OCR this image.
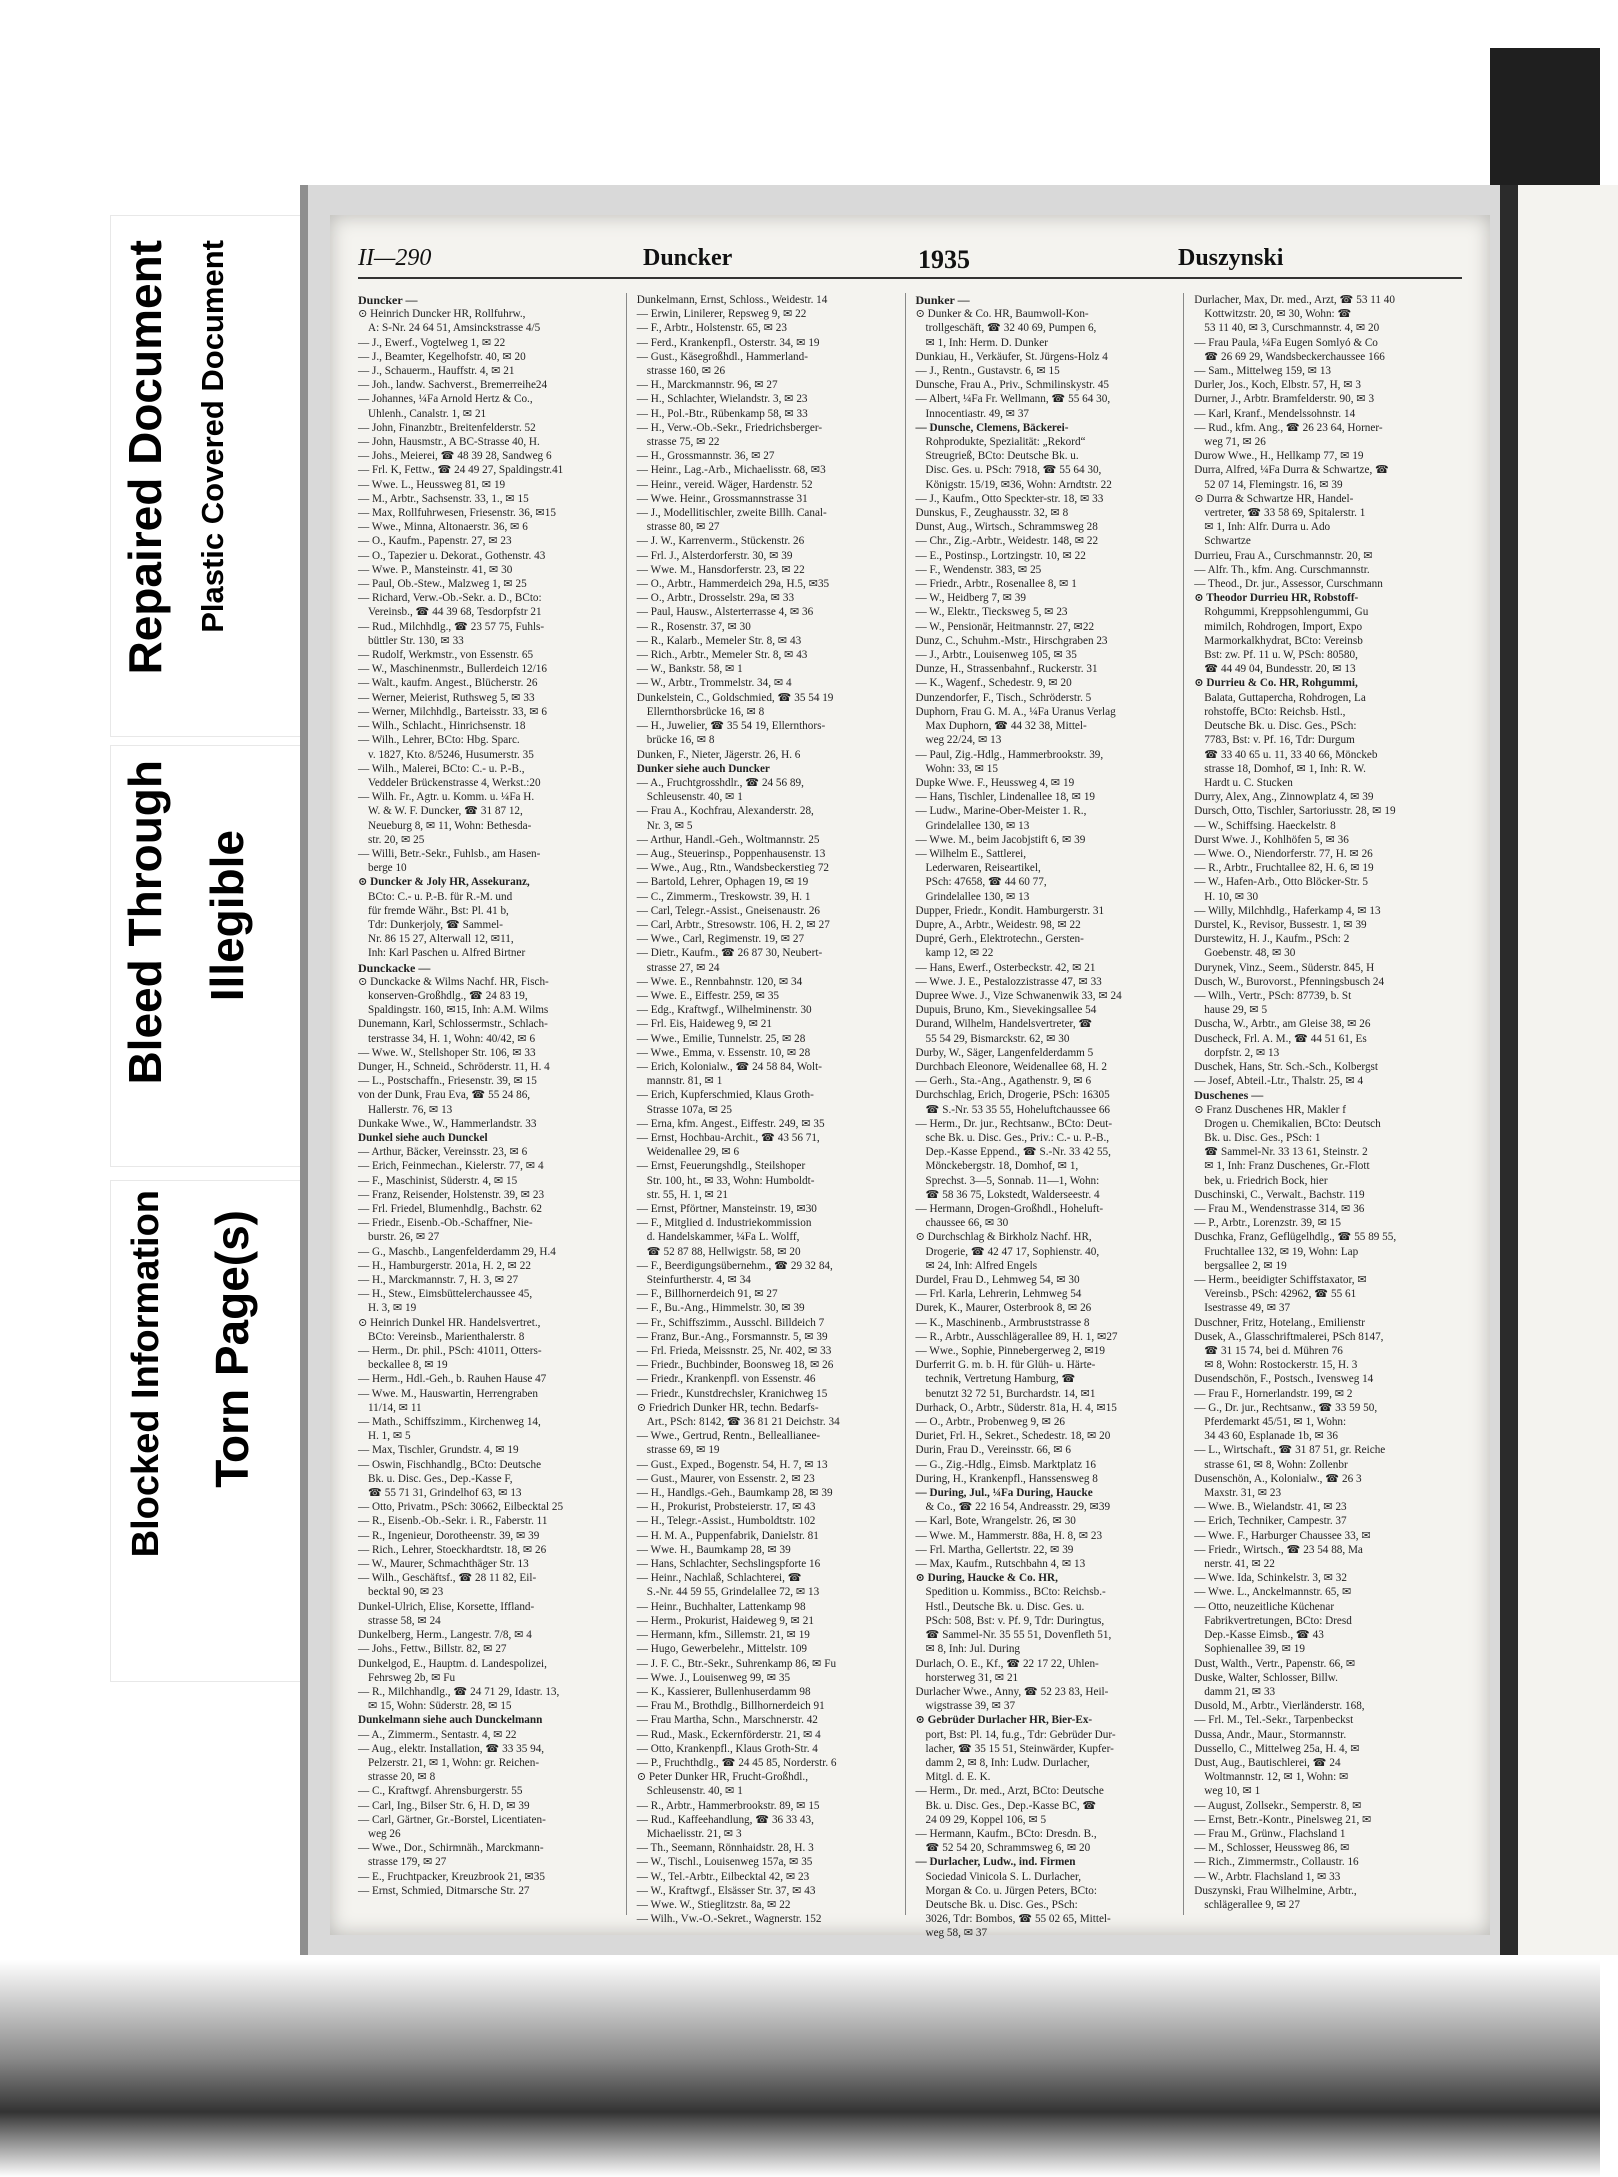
Repaired Document Plastic Covered Document
Bleed Through Illegible
Blocked Information Torn Page(s)
II—290	Duncker	1935	Duszynski
Duncker —
⊙ Heinrich Duncker HR, Rollfuhrw.,
A: S-Nr. 24 64 51, Amsinckstrasse 4/5
— J., Ewerf., Vogtelweg 1, ✉ 22
— J., Beamter, Kegelhofstr. 40, ✉ 20
— J., Schauerm., Hauffstr. 4, ✉ 21
— Joh., landw. Sachverst., Bremerreihe24
— Johannes, ¼Fa Arnold Hertz & Co.,
Uhlenh., Canalstr. 1, ✉ 21
— John, Finanzbtr., Breitenfelderstr. 52
— John, Hausmstr., A BC-Strasse 40, H.
— Johs., Meierei, ☎ 48 39 28, Sandweg 6
— Frl. K, Fettw., ☎ 24 49 27, Spaldingstr.41
— Wwe. L., Heussweg 81, ✉ 19
— M., Arbtr., Sachsenstr. 33, 1., ✉ 15
— Max, Rollfuhrwesen, Friesenstr. 36, ✉15
— Wwe., Minna, Altonaerstr. 36, ✉ 6
— O., Kaufm., Papenstr. 27, ✉ 23
— O., Tapezier u. Dekorat., Gothenstr. 43
— Wwe. P., Mansteinstr. 41, ✉ 30
— Paul, Ob.-Stew., Malzweg 1, ✉ 25
— Richard, Verw.-Ob.-Sekr. a. D., BCto:
Vereinsb., ☎ 44 39 68, Tesdorpfstr 21
— Rud., Milchhdlg., ☎ 23 57 75, Fuhls-
büttler Str. 130, ✉ 33
— Rudolf, Werkmstr., von Essenstr. 65
— W., Maschinenmstr., Bullerdeich 12/16
— Walt., kaufm. Angest., Blücherstr. 26
— Werner, Meierist, Ruthsweg 5, ✉ 33
— Werner, Milchhdlg., Barteisstr. 33, ✉ 6
— Wilh., Schlacht., Hinrichsenstr. 18
— Wilh., Lehrer, BCto: Hbg. Sparc.
v. 1827, Kto. 8/5246, Husumerstr. 35
— Wilh., Malerei, BCto: C.- u. P.-B.,
Veddeler Brückenstrasse 4, Werkst.:20
— Wilh. Fr., Agtr. u. Komm. u. ¼Fa H.
W. & W. F. Duncker, ☎ 31 87 12,
Neueburg 8, ✉ 11, Wohn: Bethesda-
str. 20, ✉ 25
— Willi, Betr.-Sekr., Fuhlsb., am Hasen-
berge 10
⊙ Duncker & Joly HR, Assekuranz,
BCto: C.- u. P.-B. für R.-M. und
für fremde Währ., Bst: Pl. 41 b,
Tdr: Dunkerjoly, ☎ Sammel-
Nr. 86 15 27, Alterwall 12, ✉11,
Inh: Karl Paschen u. Alfred Birtner
Dunckacke —
⊙ Dunckacke & Wilms Nachf. HR, Fisch-
konserven-Großhdlg., ☎ 24 83 19,
Spaldingstr. 160, ✉15, Inh: A.M. Wilms
Dunemann, Karl, Schlossermstr., Schlach-
terstrasse 34, H. 1, Wohn: 40/42, ✉ 6
— Wwe. W., Stellshoper Str. 106, ✉ 33
Dunger, H., Schneid., Schröderstr. 11, H. 4
— L., Postschaffn., Friesenstr. 39, ✉ 15
von der Dunk, Frau Eva, ☎ 55 24 86,
Hallerstr. 76, ✉ 13
Dunkake Wwe., W., Hammerlandstr. 33
Dunkel siehe auch Dunckel
— Arthur, Bäcker, Vereinsstr. 23, ✉ 6
— Erich, Feinmechan., Kielerstr. 77, ✉ 4
— F., Maschinist, Süderstr. 4, ✉ 15
— Franz, Reisender, Holstenstr. 39, ✉ 23
— Frl. Friedel, Blumenhdlg., Bachstr. 62
— Friedr., Eisenb.-Ob.-Schaffner, Nie-
burstr. 26, ✉ 27
— G., Maschb., Langenfelderdamm 29, H.4
— H., Hamburgerstr. 201a, H. 2, ✉ 22
— H., Marckmannstr. 7, H. 3, ✉ 27
— H., Stew., Eimsbüttelerchaussee 45,
H. 3, ✉ 19
⊙ Heinrich Dunkel HR. Handelsvertret.,
BCto: Vereinsb., Marienthalerstr. 8
— Herm., Dr. phil., PSch: 41011, Otters-
beckallee 8, ✉ 19
— Herm., Hdl.-Geh., b. Rauhen Hause 47
— Wwe. M., Hauswartin, Herrengraben
11/14, ✉ 11
— Math., Schiffszimm., Kirchenweg 14,
H. 1, ✉ 5
— Max, Tischler, Grundstr. 4, ✉ 19
— Oswin, Fischhandlg., BCto: Deutsche
Bk. u. Disc. Ges., Dep.-Kasse F,
☎ 55 71 31, Grindelhof 63, ✉ 13
— Otto, Privatm., PSch: 30662, Eilbecktal 25
— R., Eisenb.-Ob.-Sekr. i. R., Faberstr. 11
— R., Ingenieur, Dorotheenstr. 39, ✉ 39
— Rich., Lehrer, Stoeckhardtstr. 18, ✉ 26
— W., Maurer, Schmachthäger Str. 13
— Wilh., Geschäftsf., ☎ 28 11 82, Eil-
becktal 90, ✉ 23
Dunkel-Ulrich, Elise, Korsette, Iffland-
strasse 58, ✉ 24
Dunkelberg, Herm., Langestr. 7/8, ✉ 4
— Johs., Fettw., Billstr. 82, ✉ 27
Dunkelgod, E., Hauptm. d. Landespolizei,
Fehrsweg 2b, ✉ Fu
— R., Milchhandlg., ☎ 24 71 29, Idastr. 13,
✉ 15, Wohn: Süderstr. 28, ✉ 15
Dunkelmann siehe auch Dunckelmann
— A., Zimmerm., Sentastr. 4, ✉ 22
— Aug., elektr. Installation, ☎ 33 35 94,
Pelzerstr. 21, ✉ 1, Wohn: gr. Reichen-
strasse 20, ✉ 8
— C., Kraftwgf. Ahrensburgerstr. 55
— Carl, Ing., Bilser Str. 6, H. D, ✉ 39
— Carl, Gärtner, Gr.-Borstel, Licentiaten-
weg 26
— Wwe., Dor., Schirmnäh., Marckmann-
strasse 179, ✉ 27
— E., Fruchtpacker, Kreuzbrook 21, ✉35
— Ernst, Schmied, Ditmarsche Str. 27
Dunkelmann, Ernst, Schloss., Weidestr. 14
— Erwin, Linilerer, Repsweg 9, ✉ 22
— F., Arbtr., Holstenstr. 65, ✉ 23
— Ferd., Krankenpfl., Osterstr. 34, ✉ 19
— Gust., Käsegroßhdl., Hammerland-
strasse 160, ✉ 26
— H., Marckmannstr. 96, ✉ 27
— H., Schlachter, Wielandstr. 3, ✉ 23
— H., Pol.-Btr., Rübenkamp 58, ✉ 33
— H., Verw.-Ob.-Sekr., Friedrichsberger-
strasse 75, ✉ 22
— H., Grossmannstr. 36, ✉ 27
— Heinr., Lag.-Arb., Michaelisstr. 68, ✉3
— Heinr., vereid. Wäger, Hardenstr. 52
— Wwe. Heinr., Grossmannstrasse 31
— J., Modellitischler, zweite Billh. Canal-
strasse 80, ✉ 27
— J. W., Karrenverm., Stückenstr. 26
— Frl. J., Alsterdorferstr. 30, ✉ 39
— Wwe. M., Hansdorferstr. 23, ✉ 22
— O., Arbtr., Hammerdeich 29a, H.5, ✉35
— O., Arbtr., Drosselstr. 29a, ✉ 33
— Paul, Hausw., Alsterterrasse 4, ✉ 36
— R., Rosenstr. 37, ✉ 30
— R., Kalarb., Memeler Str. 8, ✉ 43
— Rich., Arbtr., Memeler Str. 8, ✉ 43
— W., Bankstr. 58, ✉ 1
— W., Arbtr., Trommelstr. 34, ✉ 4
Dunkelstein, C., Goldschmied, ☎ 35 54 19
Ellernthorsbrücke 16, ✉ 8
— H., Juwelier, ☎ 35 54 19, Ellernthors-
brücke 16, ✉ 8
Dunken, F., Nieter, Jägerstr. 26, H. 6
Dunker siehe auch Duncker
— A., Fruchtgrosshdlr., ☎ 24 56 89,
Schleusenstr. 40, ✉ 1
— Frau A., Kochfrau, Alexanderstr. 28,
Nr. 3, ✉ 5
— Arthur, Handl.-Geh., Woltmannstr. 25
— Aug., Steuerinsp., Poppenhausenstr. 13
— Wwe., Aug., Rtn., Wandsbeckerstieg 72
— Bartold, Lehrer, Ophagen 19, ✉ 19
— C., Zimmerm., Treskowstr. 39, H. 1
— Carl, Telegr.-Assist., Gneisenaustr. 26
— Carl, Arbtr., Stresowstr. 106, H. 2, ✉ 27
— Wwe., Carl, Regimenstr. 19, ✉ 27
— Dietr., Kaufm., ☎ 26 87 30, Neubert-
strasse 27, ✉ 24
— Wwe. E., Rennbahnstr. 120, ✉ 34
— Wwe. E., Eiffestr. 259, ✉ 35
— Edg., Kraftwgf., Wilhelminenstr. 30
— Frl. Eis, Haideweg 9, ✉ 21
— Wwe., Emilie, Tunnelstr. 25, ✉ 28
— Wwe., Emma, v. Essenstr. 10, ✉ 28
— Erich, Kolonialw., ☎ 24 58 84, Wolt-
mannstr. 81, ✉ 1
— Erich, Kupferschmied, Klaus Groth-
Strasse 107a, ✉ 25
— Erna, kfm. Angest., Eiffestr. 249, ✉ 35
— Ernst, Hochbau-Archit., ☎ 43 56 71,
Weidenallee 29, ✉ 6
— Ernst, Feuerungshdlg., Steilshoper
Str. 100, ht., ✉ 33, Wohn: Humboldt-
str. 55, H. 1, ✉ 21
— Ernst, Pförtner, Mansteinstr. 19, ✉30
— F., Mitglied d. Industriekommission
d. Handelskammer, ¼Fa L. Wolff,
☎ 52 87 88, Hellwigstr. 58, ✉ 20
— F., Beerdigungsübernehm., ☎ 29 32 84,
Steinfurtherstr. 4, ✉ 34
— F., Billhornerdeich 91, ✉ 27
— F., Bu.-Ang., Himmelstr. 30, ✉ 39
— Fr., Schiffszimm., Ausschl. Billdeich 7
— Franz, Bur.-Ang., Forsmannstr. 5, ✉ 39
— Frl. Frieda, Meissnstr. 25, Nr. 402, ✉ 33
— Friedr., Buchbinder, Boonsweg 18, ✉ 26
— Friedr., Krankenpfl. von Essenstr. 46
— Friedr., Kunstdrechsler, Kranichweg 15
⊙ Friedrich Dunker HR, techn. Bedarfs-
Art., PSch: 8142, ☎ 36 81 21 Deichstr. 34
— Wwe., Gertrud, Rentn., Belleallianee-
strasse 69, ✉ 19
— Gust., Exped., Bogenstr. 54, H. 7, ✉ 13
— Gust., Maurer, von Essenstr. 2, ✉ 23
— H., Handlgs.-Geh., Baumkamp 28, ✉ 39
— H., Prokurist, Probsteierstr. 17, ✉ 43
— H., Telegr.-Assist., Humboldtstr. 102
— H. M. A., Puppenfabrik, Danielstr. 81
— Wwe. H., Baumkamp 28, ✉ 39
— Hans, Schlachter, Sechslingspforte 16
— Heinr., Nachlaß, Schlachterei, ☎
S.-Nr. 44 59 55, Grindelallee 72, ✉ 13
— Heinr., Buchhalter, Lattenkamp 98
— Herm., Prokurist, Haideweg 9, ✉ 21
— Hermann, kfm., Sillemstr. 21, ✉ 19
— Hugo, Gewerbelehr., Mittelstr. 109
— J. F. C., Btr.-Sekr., Suhrenkamp 86, ✉ Fu
— Wwe. J., Louisenweg 99, ✉ 35
— K., Kassierer, Bullenhuserdamm 98
— Frau M., Brothdlg., Billhornerdeich 91
— Frau Martha, Schn., Marschnerstr. 42
— Rud., Mask., Eckernförderstr. 21, ✉ 4
— Otto, Krankenpfl., Klaus Groth-Str. 4
— P., Fruchthdlg., ☎ 24 45 85, Norderstr. 6
⊙ Peter Dunker HR, Frucht-Großhdl.,
Schleusenstr. 40, ✉ 1
— R., Arbtr., Hammerbrookstr. 89, ✉ 15
— Rud., Kaffeehandlung, ☎ 36 33 43,
Michaelisstr. 21, ✉ 3
— Th., Seemann, Rönnhaidstr. 28, H. 3
— W., Tischl., Louisenweg 157a, ✉ 35
— W., Tel.-Arbtr., Eilbecktal 42, ✉ 23
— W., Kraftwgf., Elsässer Str. 37, ✉ 43
— Wwe. W., Stieglitzstr. 8a, ✉ 22
— Wilh., Vw.-O.-Sekret., Wagnerstr. 152
Dunker —
⊙ Dunker & Co. HR, Baumwoll-Kon-
trollgeschäft, ☎ 32 40 69, Pumpen 6,
✉ 1, Inh: Herm. D. Dunker
Dunkiau, H., Verkäufer, St. Jürgens-Holz 4
— J., Rentn., Gustavstr. 6, ✉ 15
Dunsche, Frau A., Priv., Schmilinskystr. 45
— Albert, ¼Fa Fr. Wellmann, ☎ 55 64 30,
Innocentiastr. 49, ✉ 37
— Dunsche, Clemens, Bäckerei-
Rohprodukte, Spezialität: „Rekord“
Streugrieß, BCto: Deutsche Bk. u.
Disc. Ges. u. PSch: 7918, ☎ 55 64 30,
Königstr. 15/19, ✉36, Wohn: Arndtstr. 22
— J., Kaufm., Otto Speckter-str. 18, ✉ 33
Dunskus, F., Zeughausstr. 32, ✉ 8
Dunst, Aug., Wirtsch., Schrammsweg 28
— Chr., Zig.-Arbtr., Weidestr. 148, ✉ 22
— E., Postinsp., Lortzingstr. 10, ✉ 22
— F., Wendenstr. 383, ✉ 25
— Friedr., Arbtr., Rosenallee 8, ✉ 1
— W., Heidberg 7, ✉ 39
— W., Elektr., Tiecksweg 5, ✉ 23
— W., Pensionär, Heitmannstr. 27, ✉22
Dunz, C., Schuhm.-Mstr., Hirschgraben 23
— J., Arbtr., Louisenweg 105, ✉ 35
Dunze, H., Strassenbahnf., Ruckerstr. 31
— K., Wagenf., Schedestr. 9, ✉ 20
Dunzendorfer, F., Tisch., Schröderstr. 5
Duphorn, Frau G. M. A., ¼Fa Uranus Verlag
Max Duphorn, ☎ 44 32 38, Mittel-
weg 22/24, ✉ 13
— Paul, Zig.-Hdlg., Hammerbrookstr. 39,
Wohn: 33, ✉ 15
Dupke Wwe. F., Heussweg 4, ✉ 19
— Hans, Tischler, Lindenallee 18, ✉ 19
— Ludw., Marine-Ober-Meister 1. R.,
Grindelallee 130, ✉ 13
— Wwe. M., beim Jacobjstift 6, ✉ 39
— Wilhelm E., Sattlerei,
Lederwaren, Reiseartikel,
PSch: 47658, ☎ 44 60 77,
Grindelallee 130, ✉ 13
Dupper, Friedr., Kondit. Hamburgerstr. 31
Dupre, A., Arbtr., Weidestr. 98, ✉ 22
Dupré, Gerh., Elektrotechn., Gersten-
kamp 12, ✉ 22
— Hans, Ewerf., Osterbeckstr. 42, ✉ 21
— Wwe. J. E., Pestalozzistrasse 47, ✉ 33
Dupree Wwe. J., Vize Schwanenwik 33, ✉ 24
Dupuis, Bruno, Km., Sievekingsallee 54
Durand, Wilhelm, Handelsvertreter, ☎
55 54 29, Bismarckstr. 62, ✉ 30
Durby, W., Säger, Langenfelderdamm 5
Durchbach Eleonore, Weidenallee 68, H. 2
— Gerh., Sta.-Ang., Agathenstr. 9, ✉ 6
Durchschlag, Erich, Drogerie, PSch: 16305
☎ S.-Nr. 53 35 55, Hoheluftchaussee 66
— Herm., Dr. jur., Rechtsanw., BCto: Deut-
sche Bk. u. Disc. Ges., Priv.: C.- u. P.-B.,
Dep.-Kasse Eppend., ☎ S.-Nr. 33 42 55,
Mönckebergstr. 18, Domhof, ✉ 1,
Sprechst. 3—5, Sonnab. 11—1, Wohn:
☎ 58 36 75, Lokstedt, Walderseestr. 4
— Hermann, Drogen-Großhdl., Hoheluft-
chaussee 66, ✉ 30
⊙ Durchschlag & Birkholz Nachf. HR,
Drogerie, ☎ 42 47 17, Sophienstr. 40,
✉ 24, Inh: Alfred Engels
Durdel, Frau D., Lehmweg 54, ✉ 30
— Frl. Karla, Lehrerin, Lehmweg 54
Durek, K., Maurer, Osterbrook 8, ✉ 26
— K., Maschinenb., Armbruststrasse 8
— R., Arbtr., Ausschlägerallee 89, H. 1, ✉27
— Wwe., Sophie, Pinnebergerweg 2, ✉19
Durferrit G. m. b. H. für Glüh- u. Härte-
technik, Vertretung Hamburg, ☎
benutzt 32 72 51, Burchardstr. 14, ✉1
Durhack, O., Arbtr., Süderstr. 81a, H. 4, ✉15
— O., Arbtr., Probenweg 9, ✉ 26
Duriet, Frl. H., Sekret., Schedestr. 18, ✉ 20
Durin, Frau D., Vereinsstr. 66, ✉ 6
— G., Zig.-Hdlg., Eimsb. Marktplatz 16
During, H., Krankenpfl., Hanssensweg 8
— During, Jul., ¼Fa During, Haucke
& Co., ☎ 22 16 54, Andreasstr. 29, ✉39
— Karl, Bote, Wrangelstr. 26, ✉ 30
— Wwe. M., Hammerstr. 88a, H. 8, ✉ 23
— Frl. Martha, Gellertstr. 22, ✉ 39
— Max, Kaufm., Rutschbahn 4, ✉ 13
⊙ During, Haucke & Co. HR,
Spedition u. Kommiss., BCto: Reichsb.-
Hstl., Deutsche Bk. u. Disc. Ges. u.
PSch: 508, Bst: v. Pf. 9, Tdr: Duringtus,
☎ Sammel-Nr. 35 55 51, Dovenfleth 51,
✉ 8, Inh: Jul. During
Durlach, O. E., Kf., ☎ 22 17 22, Uhlen-
horsterweg 31, ✉ 21
Durlacher Wwe., Anny, ☎ 52 23 83, Heil-
wigstrasse 39, ✉ 37
⊙ Gebrüder Durlacher HR, Bier-Ex-
port, Bst: Pl. 14, fu.g., Tdr: Gebrüder Dur-
lacher, ☎ 35 15 51, Steinwärder, Kupfer-
damm 2, ✉ 8, Inh: Ludw. Durlacher,
Mitgl. d. E. K.
— Herm., Dr. med., Arzt, BCto: Deutsche
Bk. u. Disc. Ges., Dep.-Kasse BC, ☎
24 09 29, Koppel 106, ✉ 5
— Hermann, Kaufm., BCto: Dresdn. B.,
☎ 52 54 20, Schrammsweg 6, ✉ 20
— Durlacher, Ludw., ind. Firmen
Sociedad Vinicola S. L. Durlacher,
Morgan & Co. u. Jürgen Peters, BCto:
Deutsche Bk. u. Disc. Ges., PSch:
3026, Tdr: Bombos, ☎ 55 02 65, Mittel-
weg 58, ✉ 37
Durlacher, Max, Dr. med., Arzt, ☎ 53 11 40
Kottwitzstr. 20, ✉ 30, Wohn: ☎
53 11 40, ✉ 3, Curschmannstr. 4, ✉ 20
— Frau Paula, ¼Fa Eugen Somlyó & Co
☎ 26 69 29, Wandsbeckerchaussee 166
— Sam., Mittelweg 159, ✉ 13
Durler, Jos., Koch, Elbstr. 57, H, ✉ 3
Durner, J., Arbtr. Bramfelderstr. 90, ✉ 3
— Karl, Kranf., Mendelssohnstr. 14
— Rud., kfm. Ang., ☎ 26 23 64, Horner-
weg 71, ✉ 26
Durow Wwe., H., Hellkamp 77, ✉ 19
Durra, Alfred, ¼Fa Durra & Schwartze, ☎
52 07 14, Flemingstr. 16, ✉ 39
⊙ Durra & Schwartze HR, Handel-
vertreter, ☎ 33 58 69, Spitalerstr. 1
✉ 1, Inh: Alfr. Durra u. Ado
Schwartze
Durrieu, Frau A., Curschmannstr. 20, ✉
— Alfr. Th., kfm. Ang. Curschmannstr.
— Theod., Dr. jur., Assessor, Curschmann
⊙ Theodor Durrieu HR, Robstoff-
Rohgummi, Kreppsohlengummi, Gu
mimilch, Rohdrogen, Import, Expo
Marmorkalkhydrat, BCto: Vereinsb
Bst: zw. Pf. 11 u. W, PSch: 80580,
☎ 44 49 04, Bundesstr. 20, ✉ 13
⊙ Durrieu & Co. HR, Rohgummi,
Balata, Guttapercha, Rohdrogen, La
rohstoffe, BCto: Reichsb. Hstl.,
Deutsche Bk. u. Disc. Ges., PSch:
7783, Bst: v. Pf. 16, Tdr: Durgum
☎ 33 40 65 u. 11, 33 40 66, Mönckeb
strasse 18, Domhof, ✉ 1, Inh: R. W.
Hardt u. C. Stucken
Durry, Alex, Ang., Zinnowplatz 4, ✉ 39
Dursch, Otto, Tischler, Sartoriusstr. 28, ✉ 19
— W., Schiffsing. Haeckelstr. 8
Durst Wwe. J., Kohlhöfen 5, ✉ 36
— Wwe. O., Niendorferstr. 77, H. ✉ 26
— R., Arbtr., Fruchtallee 82, H. 6, ✉ 19
— W., Hafen-Arb., Otto Blöcker-Str. 5
H. 10, ✉ 30
— Willy, Milchhdlg., Haferkamp 4, ✉ 13
Durstel, K., Revisor, Bussestr. 1, ✉ 39
Durstewitz, H. J., Kaufm., PSch: 2
Goebenstr. 48, ✉ 30
Durynek, Vinz., Seem., Süderstr. 845, H
Dusch, W., Burovorst., Pfenningsbusch 24
— Wilh., Vertr., PSch: 87739, b. St
hause 29, ✉ 5
Duscha, W., Arbtr., am Gleise 38, ✉ 26
Duscheck, Frl. A. M., ☎ 44 51 61, Es
dorpfstr. 2, ✉ 13
Duschek, Hans, Str. Sch.-Sch., Kolbergst
— Josef, Abteil.-Ltr., Thalstr. 25, ✉ 4
Duschenes —
⊙ Franz Duschenes HR, Makler f
Drogen u. Chemikalien, BCto: Deutsch
Bk. u. Disc. Ges., PSch: 1
☎ Sammel-Nr. 33 13 61, Steinstr. 2
✉ 1, Inh: Franz Duschenes, Gr.-Flott
bek, u. Friedrich Bock, hier
Duschinski, C., Verwalt., Bachstr. 119
— Frau M., Wendenstrasse 314, ✉ 36
— P., Arbtr., Lorenzstr. 39, ✉ 15
Duschka, Franz, Geflügelhdlg., ☎ 55 89 55,
Fruchtallee 132, ✉ 19, Wohn: Lap
bergsallee 2, ✉ 19
— Herm., beeidigter Schiffstaxator, ✉
Vereinsb., PSch: 42962, ☎ 55 61
Isestrasse 49, ✉ 37
Duschner, Fritz, Hotelang., Emilienstr
Dusek, A., Glasschriftmalerei, PSch 8147,
☎ 31 15 74, bei d. Mühren 76
✉ 8, Wohn: Rostockerstr. 15, H. 3
Dusendschön, F., Postsch., Ivensweg 14
— Frau F., Hornerlandstr. 199, ✉ 2
— G., Dr. jur., Rechtsanw., ☎ 33 59 50,
Pferdemarkt 45/51, ✉ 1, Wohn:
34 43 60, Esplanade 1b, ✉ 36
— L., Wirtschaft., ☎ 31 87 51, gr. Reiche
strasse 61, ✉ 8, Wohn: Zollenbr
Dusenschön, A., Kolonialw., ☎ 26 3
Maxstr. 31, ✉ 23
— Wwe. B., Wielandstr. 41, ✉ 23
— Erich, Techniker, Campestr. 37
— Wwe. F., Harburger Chaussee 33, ✉
— Friedr., Wirtsch., ☎ 23 54 88, Ma
nerstr. 41, ✉ 22
— Wwe. Ida, Schinkelstr. 3, ✉ 32
— Wwe. L., Anckelmannstr. 65, ✉
— Otto, neuzeitliche Küchenar
Fabrikvertretungen, BCto: Dresd
Dep.-Kasse Eimsb., ☎ 43
Sophienallee 39, ✉ 19
Dust, Walth., Vertr., Papenstr. 66, ✉
Duske, Walter, Schlosser, Billw.
damm 21, ✉ 33
Dusold, M., Arbtr., Vierländerstr. 168,
— Frl. M., Tel.-Sekr., Tarpenbeckst
Dussa, Andr., Maur., Stormannstr.
Dussello, C., Mittelweg 25a, H. 4, ✉
Dust, Aug., Bautischlerei, ☎ 24
Woltmannstr. 12, ✉ 1, Wohn: ✉
weg 10, ✉ 1
— August, Zollsekr., Semperstr. 8, ✉
— Ernst, Betr.-Kontr., Pinelsweg 21, ✉
— Frau M., Grünw., Flachsland 1
— M., Schlosser, Heussweg 86, ✉
— Rich., Zimmermstr., Collaustr. 16
— W., Arbtr. Flachsland 1, ✉ 33
Duszynski, Frau Wilhelmine, Arbtr.,
schlägerallee 9, ✉ 27
